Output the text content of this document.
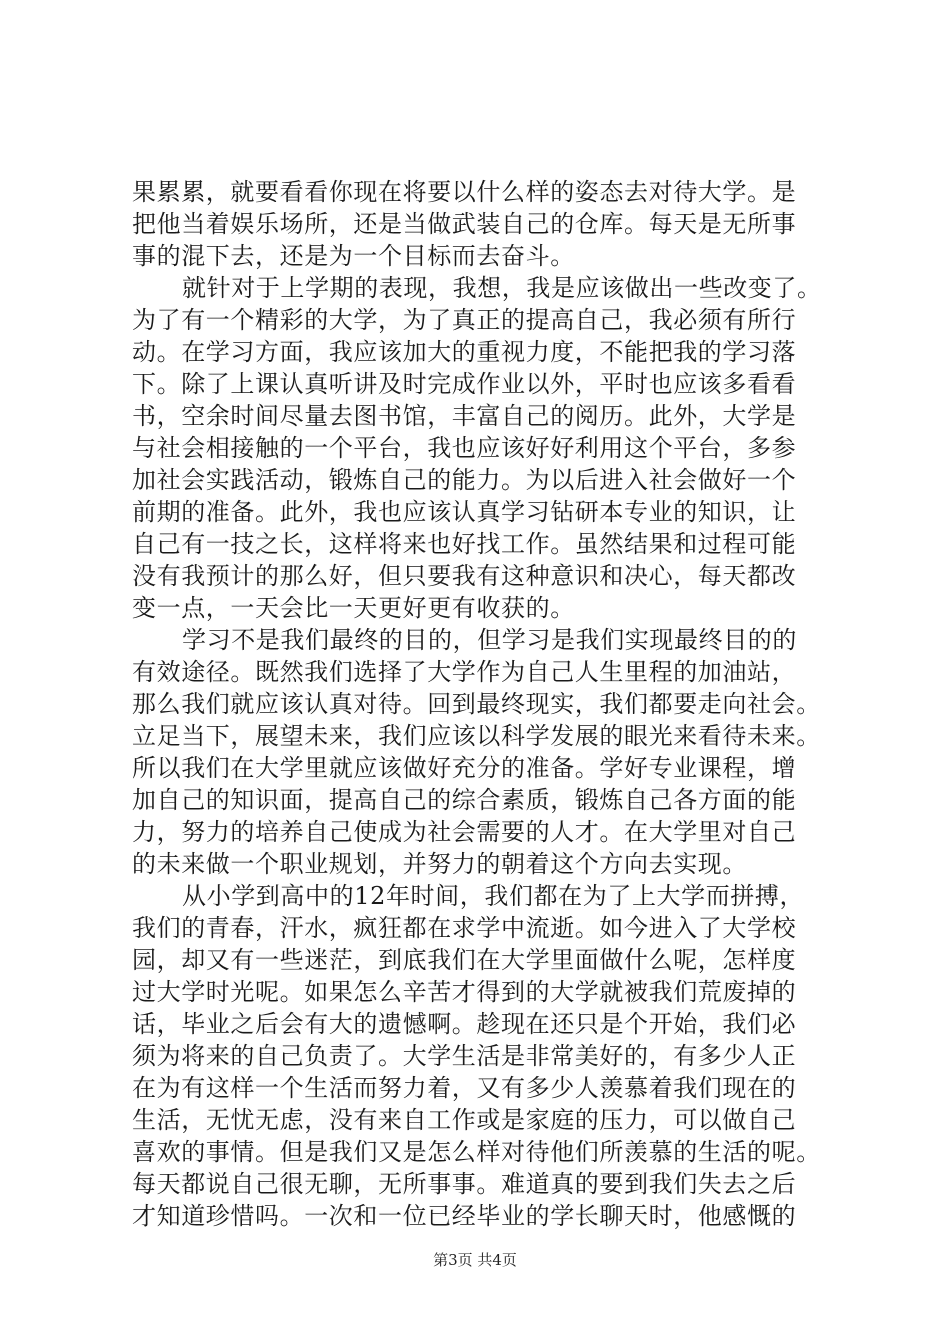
果累累，就要看看你现在将要以什么样的姿态去对待大学。是
把他当着娱乐场所，还是当做武装自己的仓库。每天是无所事
事的混下去，还是为一个目标而去奋斗。
就针对于上学期的表现，我想，我是应该做出一些改变了。
为了有一个精彩的大学，为了真正的提高自己，我必须有所行
动。在学习方面，我应该加大的重视力度，不能把我的学习落
下。除了上课认真听讲及时完成作业以外，平时也应该多看看
书，空余时间尽量去图书馆，丰富自己的阅历。此外，大学是
与社会相接触的一个平台，我也应该好好利用这个平台，多参
加社会实践活动，锻炼自己的能力。为以后进入社会做好一个
前期的准备。此外，我也应该认真学习钻研本专业的知识，让
自己有一技之长，这样将来也好找工作。虽然结果和过程可能
没有我预计的那么好，但只要我有这种意识和决心，每天都改
变一点，一天会比一天更好更有收获的。
学习不是我们最终的目的，但学习是我们实现最终目的的
有效途径。既然我们选择了大学作为自己人生里程的加油站，
那么我们就应该认真对待。回到最终现实，我们都要走向社会。
立足当下，展望未来，我们应该以科学发展的眼光来看待未来。
所以我们在大学里就应该做好充分的准备。学好专业课程，增
加自己的知识面，提高自己的综合素质，锻炼自己各方面的能
力，努力的培养自己使成为社会需要的人才。在大学里对自己
的未来做一个职业规划，并努力的朝着这个方向去实现。
从小学到高中的12年时间，我们都在为了上大学而拼搏，
我们的青春，汗水，疯狂都在求学中流逝。如今进入了大学校
园，却又有一些迷茫，到底我们在大学里面做什么呢，怎样度
过大学时光呢。如果怎么辛苦才得到的大学就被我们荒废掉的
话，毕业之后会有大的遗憾啊。趁现在还只是个开始，我们必
须为将来的自己负责了。大学生活是非常美好的，有多少人正
在为有这样一个生活而努力着，又有多少人羡慕着我们现在的
生活，无忧无虑，没有来自工作或是家庭的压力，可以做自己
喜欢的事情。但是我们又是怎么样对待他们所羡慕的生活的呢。
每天都说自己很无聊，无所事事。难道真的要到我们失去之后
才知道珍惜吗。一次和一位已经毕业的学长聊天时，他感慨的
第3页 共4页
